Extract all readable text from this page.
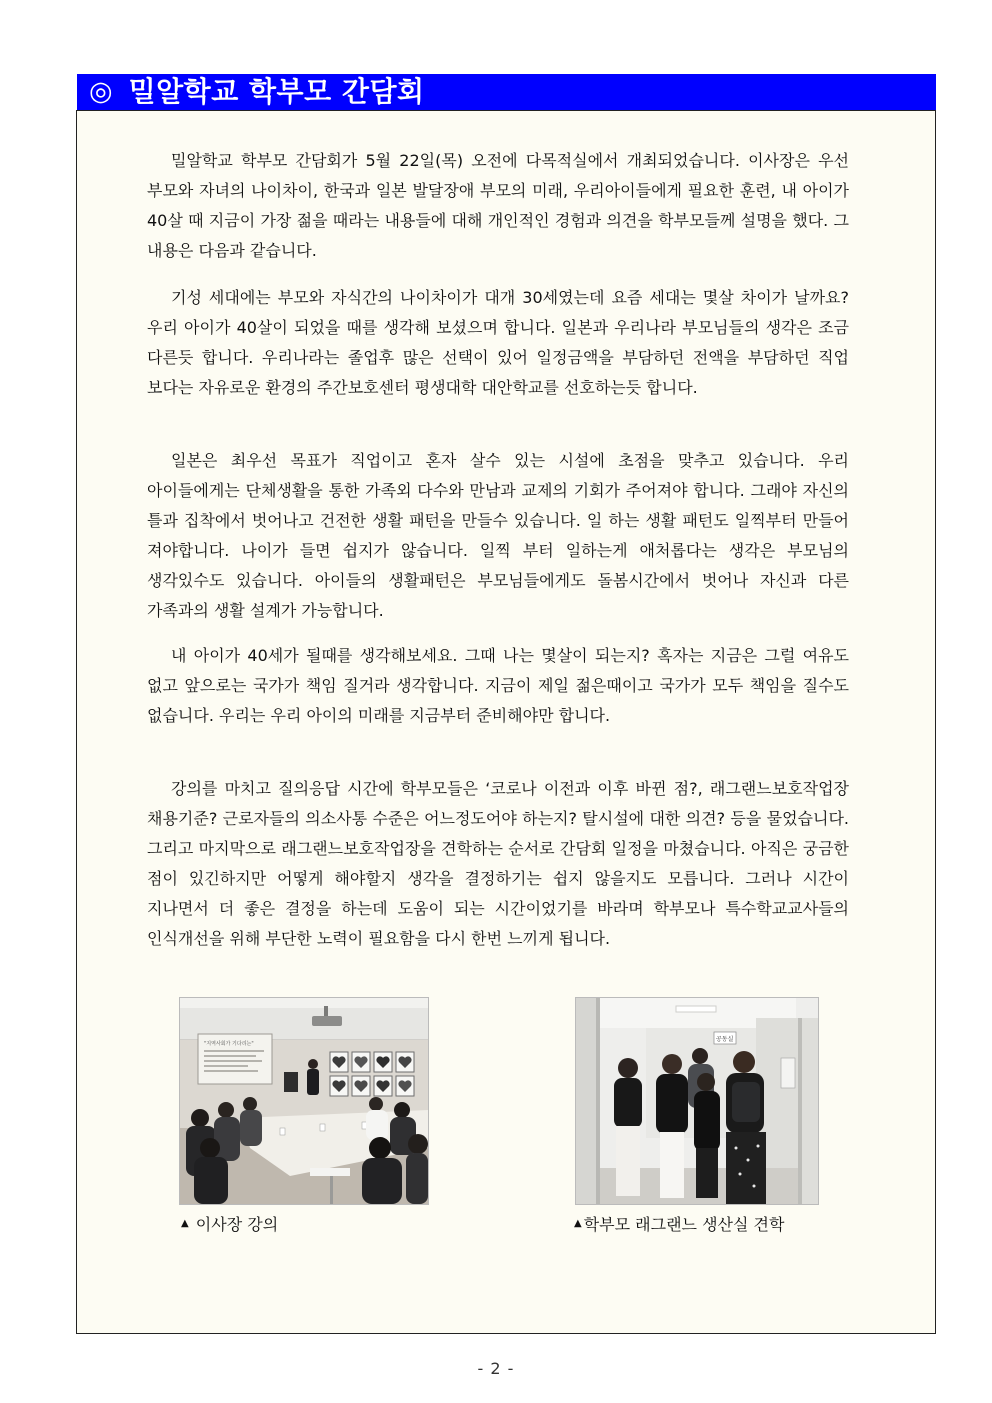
◎ 밀알학교 학부모 간담회

밀알학교 학부모 간담회가 5월 22일(목) 오전에 다목적실에서 개최되었습니다. 이사장은 우선 부모와 자녀의 나이차이, 한국과 일본 발달장애 부모의 미래, 우리아이들에게 필요한 훈련, 내 아이가 40살 때 지금이 가장 젊을 때라는 내용들에 대해 개인적인 경험과 의견을 학부모들께 설명을 했다. 그 내용은 다음과 같습니다.

기성 세대에는 부모와 자식간의 나이차이가 대개 30세였는데 요즘 세대는 몇살 차이가 날까요? 우리 아이가 40살이 되었을 때를 생각해 보셨으며 합니다. 일본과 우리나라 부모님들의 생각은 조금 다른듯 합니다. 우리나라는 졸업후 많은 선택이 있어 일정금액을 부담하던 전액을 부담하던 직업 보다는 자유로운 환경의 주간보호센터 평생대학 대안학교를 선호하는듯 합니다.

일본은 최우선 목표가 직업이고 혼자 살수 있는 시설에 초점을 맞추고 있습니다. 우리 아이들에게는 단체생활을 통한 가족외 다수와 만남과 교제의 기회가 주어져야 합니다. 그래야 자신의 틀과 집착에서 벗어나고 건전한 생활 패턴을 만들수 있습니다. 일 하는 생활 패턴도 일찍부터 만들어 져야합니다. 나이가 들면 쉽지가 않습니다. 일찍 부터 일하는게 애처롭다는 생각은 부모님의 생각있수도 있습니다. 아이들의 생활패턴은 부모님들에게도 돌봄시간에서 벗어나 자신과 다른 가족과의 생활 설계가 가능합니다.

내 아이가 40세가 될때를 생각해보세요. 그때 나는 몇살이 되는지? 혹자는 지금은 그럴 여유도 없고 앞으로는 국가가 책임 질거라 생각합니다. 지금이 제일 젊은때이고 국가가 모두 책임을 질수도 없습니다. 우리는 우리 아이의 미래를 지금부터 준비해야만 합니다.

강의를 마치고 질의응답 시간에 학부모들은 ‘코로나 이전과 이후 바뀐 점?, 래그랜느보호작업장 채용기준? 근로자들의 의소사통 수준은 어느정도어야 하는지? 탈시설에 대한 의견? 등을 물었습니다. 그리고 마지막으로 래그랜느보호작업장을 견학하는 순서로 간담회 일정을 마쳤습니다. 아직은 궁금한 점이 있긴하지만 어떻게 해야할지 생각을 결정하기는 쉽지 않을지도 모릅니다. 그러나 시간이 지나면서 더 좋은 결정을 하는데 도움이 되는 시간이었기를 바라며 학부모나 특수학교교사들의 인식개선을 위해 부단한 노력이 필요함을 다시 한번 느끼게 됩니다.

"지역사회가 기다리는"
공동실
▲ 이사장 강의	▲ 학부모 래그랜느 생산실 견학
- 2 -
